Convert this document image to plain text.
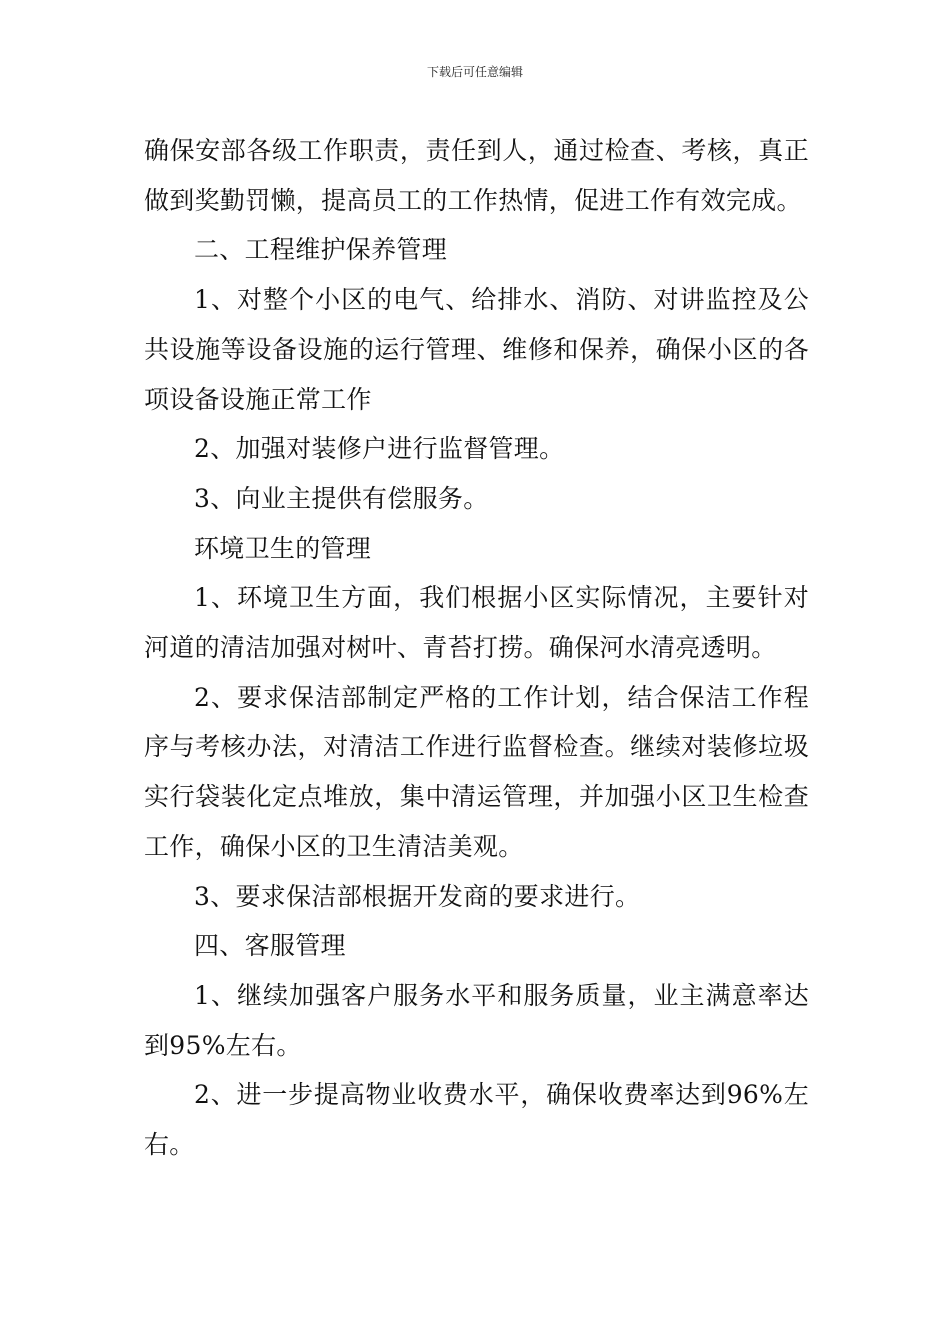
下载后可任意编辑

确保安部各级工作职责，责任到人，通过检查、考核，真正做到奖勤罚懒，提高员工的工作热情，促进工作有效完成。

二、工程维护保养管理

1、对整个小区的电气、给排水、消防、对讲监控及公共设施等设备设施的运行管理、维修和保养，确保小区的各项设备设施正常工作

2、加强对装修户进行监督管理。

3、向业主提供有偿服务。

环境卫生的管理

1、环境卫生方面，我们根据小区实际情况，主要针对河道的清洁加强对树叶、青苔打捞。确保河水清亮透明。

2、要求保洁部制定严格的工作计划，结合保洁工作程序与考核办法，对清洁工作进行监督检查。继续对装修垃圾实行袋装化定点堆放，集中清运管理，并加强小区卫生检查工作，确保小区的卫生清洁美观。

3、要求保洁部根据开发商的要求进行。

四、客服管理

1、继续加强客户服务水平和服务质量，业主满意率达到95%左右。

2、进一步提高物业收费水平，确保收费率达到96%左右。
